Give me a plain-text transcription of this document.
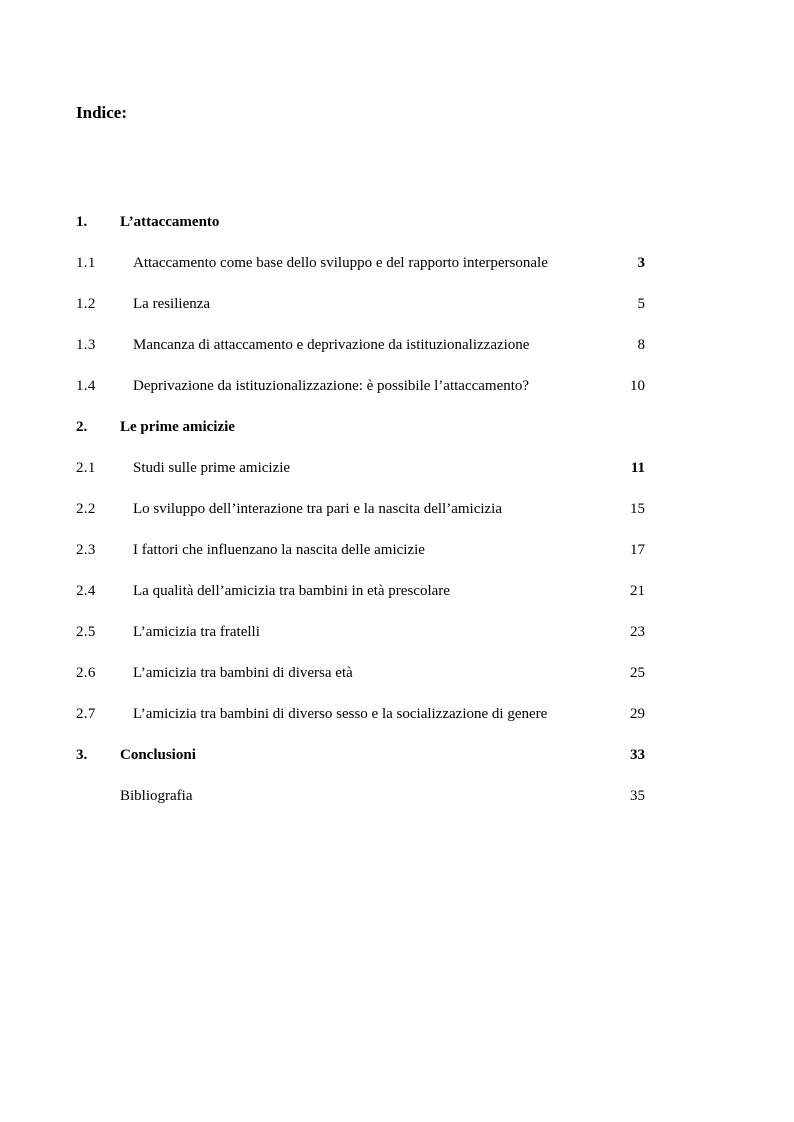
Indice:
1. L’attaccamento
1.1 Attaccamento come base dello sviluppo e del rapporto interpersonale	3
1.2 La resilienza	5
1.3 Mancanza di attaccamento e deprivazione da istituzionalizzazione	8
1.4 Deprivazione da istituzionalizzazione: è possibile l’attaccamento?	10
2. Le prime amicizie
2.1 Studi sulle prime amicizie	11
2.2 Lo sviluppo dell’interazione tra pari e la nascita dell’amicizia	15
2.3 I fattori che influenzano la nascita delle amicizie	17
2.4 La qualità dell’amicizia tra bambini in età prescolare	21
2.5 L’amicizia tra fratelli	23
2.6 L’amicizia tra bambini di diversa età	25
2.7 L’amicizia tra bambini di diverso sesso e la socializzazione di genere	29
3. Conclusioni	33
Bibliografia	35
